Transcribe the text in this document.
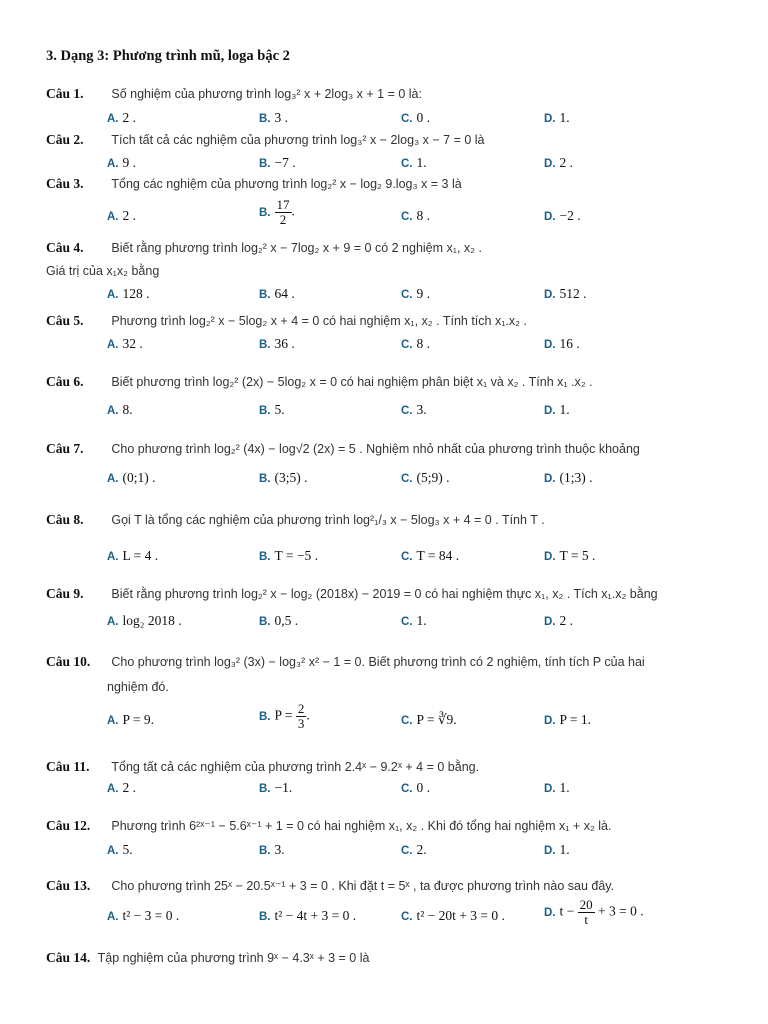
3. Dạng 3: Phương trình mũ, loga bậc 2
Câu 1. Số nghiệm của phương trình log₃² x + 2log₃ x + 1 = 0 là:
A. 2 .	B. 3 .	C. 0 .	D. 1.
Câu 2. Tích tất cả các nghiệm của phương trình log₃² x − 2log₃ x − 7 = 0 là
A. 9 .	B. −7 .	C. 1.	D. 2 .
Câu 3. Tổng các nghiệm của phương trình log₂² x − log₂ 9.log₃ x = 3 là
A. 2 .	B. $\frac{17}{2}$ .	C. 8 .	D. −2 .
Câu 4. Biết rằng phương trình log₂² x − 7log₂ x + 9 = 0 có 2 nghiệm x₁, x₂ .
Giá trị của x₁x₂ bằng
A. 128 .	B. 64 .	C. 9 .	D. 512 .
Câu 5. Phương trình log₂² x − 5log₂ x + 4 = 0 có hai nghiệm x₁, x₂ . Tính tích x₁.x₂ .
A. 32 .	B. 36 .	C. 8 .	D. 16 .
Câu 6. Biết phương trình log₂² (2x) − 5log₂ x = 0 có hai nghiệm phân biệt x₁ và x₂ . Tính x₁ .x₂ .
A. 8.	B. 5.	C. 3.	D. 1.
Câu 7. Cho phương trình log₂² (4x) − log√2 (2x) = 5 . Nghiệm nhỏ nhất của phương trình thuộc khoảng
A. (0;1) .	B. (3;5) .	C. (5;9) .	D. (1;3) .
Câu 8. Gọi T là tổng các nghiệm của phương trình log²₁/₃ x − 5log₃ x + 4 = 0 . Tính T .
A. L = 4 .	B. T = −5 .	C. T = 84 .	D. T = 5 .
Câu 9. Biết rằng phương trình log₂² x − log₂ (2018x) − 2019 = 0 có hai nghiệm thực x₁, x₂ . Tích x₁.x₂ bằng
A. log₂ 2018 .	B. 0,5 .	C. 1.	D. 2 .
Câu 10. Cho phương trình log₃² (3x) − log₃² x² − 1 = 0. Biết phương trình có 2 nghiệm, tính tích P của hai
nghiệm đó.
A. P = 9.	B. $P = \frac{2}{3}$ .	C. P = ∛9.	D. P = 1.
Câu 11. Tổng tất cả các nghiệm của phương trình 2.4ˣ − 9.2ˣ + 4 = 0 bằng.
A. 2 .	B. −1.	C. 0 .	D. 1.
Câu 12. Phương trình 6²ˣ⁻¹ − 5.6ˣ⁻¹ + 1 = 0 có hai nghiệm x₁, x₂ . Khi đó tổng hai nghiệm x₁ + x₂ là.
A. 5.	B. 3.	C. 2.	D. 1.
Câu 13. Cho phương trình 25ˣ − 20.5ˣ⁻¹ + 3 = 0 . Khi đặt t = 5ˣ , ta được phương trình nào sau đây.
A. t² − 3 = 0 .	B. t² − 4t + 3 = 0 .	C. t² − 20t + 3 = 0 .	D. $t - \frac{20}{t} + 3 = 0$ .
Câu 14. Tập nghiệm của phương trình 9ˣ − 4.3ˣ + 3 = 0 là
